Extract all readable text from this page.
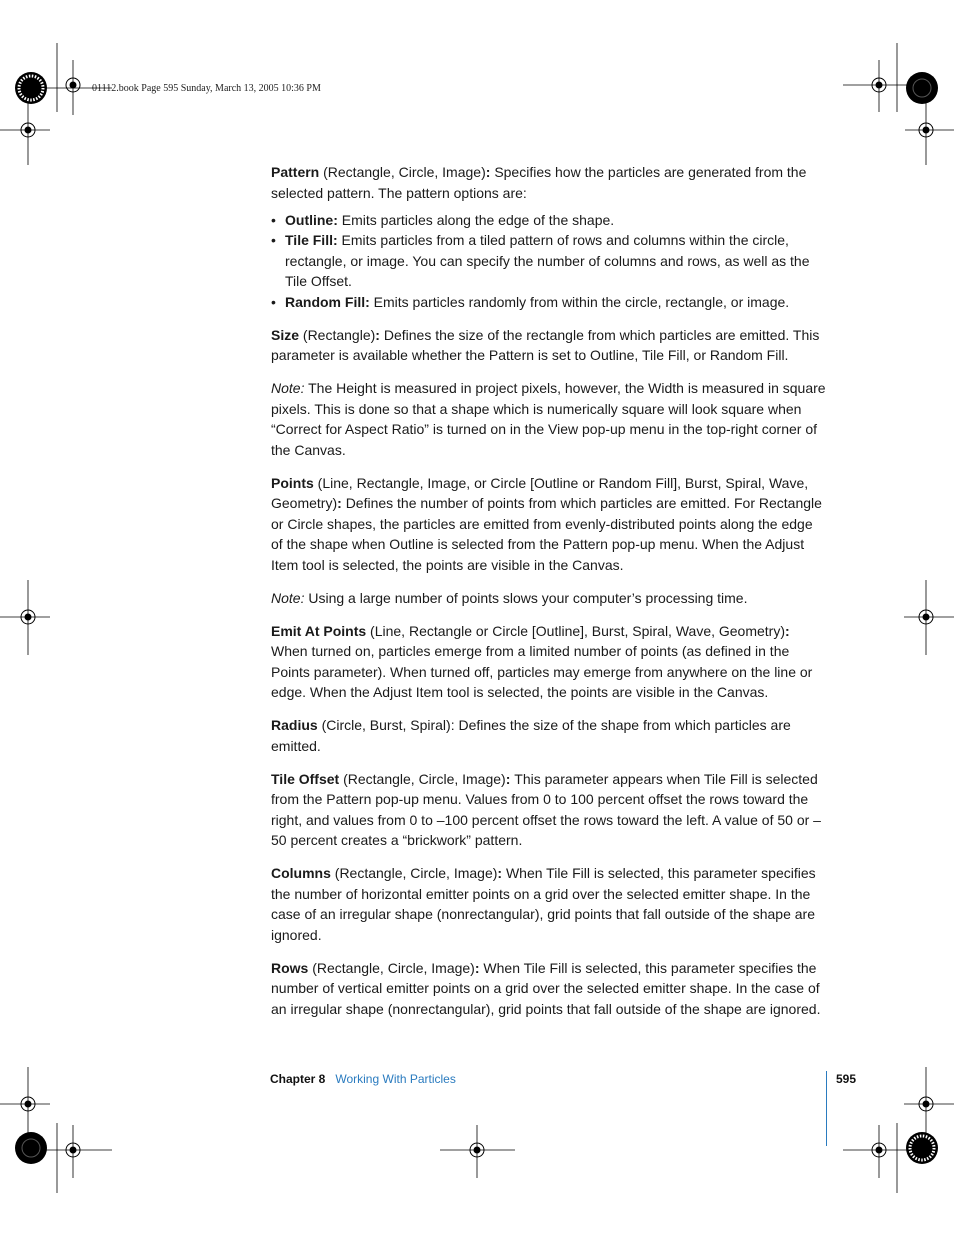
01112.book Page 595 Sunday, March 13, 2005 10:36 PM

Pattern (Rectangle, Circle, Image): Specifies how the particles are generated from the selected pattern. The pattern options are:

• Outline: Emits particles along the edge of the shape.
• Tile Fill: Emits particles from a tiled pattern of rows and columns within the circle, rectangle, or image. You can specify the number of columns and rows, as well as the Tile Offset.
• Random Fill: Emits particles randomly from within the circle, rectangle, or image.

Size (Rectangle): Defines the size of the rectangle from which particles are emitted. This parameter is available whether the Pattern is set to Outline, Tile Fill, or Random Fill.

Note: The Height is measured in project pixels, however, the Width is measured in square pixels. This is done so that a shape which is numerically square will look square when “Correct for Aspect Ratio” is turned on in the View pop-up menu in the top-right corner of the Canvas.

Points (Line, Rectangle, Image, or Circle [Outline or Random Fill], Burst, Spiral, Wave, Geometry): Defines the number of points from which particles are emitted. For Rectangle or Circle shapes, the particles are emitted from evenly-distributed points along the edge of the shape when Outline is selected from the Pattern pop-up menu. When the Adjust Item tool is selected, the points are visible in the Canvas.

Note: Using a large number of points slows your computer’s processing time.

Emit At Points (Line, Rectangle or Circle [Outline], Burst, Spiral, Wave, Geometry): When turned on, particles emerge from a limited number of points (as defined in the Points parameter). When turned off, particles may emerge from anywhere on the line or edge. When the Adjust Item tool is selected, the points are visible in the Canvas.

Radius (Circle, Burst, Spiral): Defines the size of the shape from which particles are emitted.

Tile Offset (Rectangle, Circle, Image): This parameter appears when Tile Fill is selected from the Pattern pop-up menu. Values from 0 to 100 percent offset the rows toward the right, and values from 0 to –100 percent offset the rows toward the left. A value of 50 or –50 percent creates a “brickwork” pattern.

Columns (Rectangle, Circle, Image): When Tile Fill is selected, this parameter specifies the number of horizontal emitter points on a grid over the selected emitter shape. In the case of an irregular shape (nonrectangular), grid points that fall outside of the shape are ignored.

Rows (Rectangle, Circle, Image): When Tile Fill is selected, this parameter specifies the number of vertical emitter points on a grid over the selected emitter shape. In the case of an irregular shape (nonrectangular), grid points that fall outside of the shape are ignored.

Chapter 8 Working With Particles	595
